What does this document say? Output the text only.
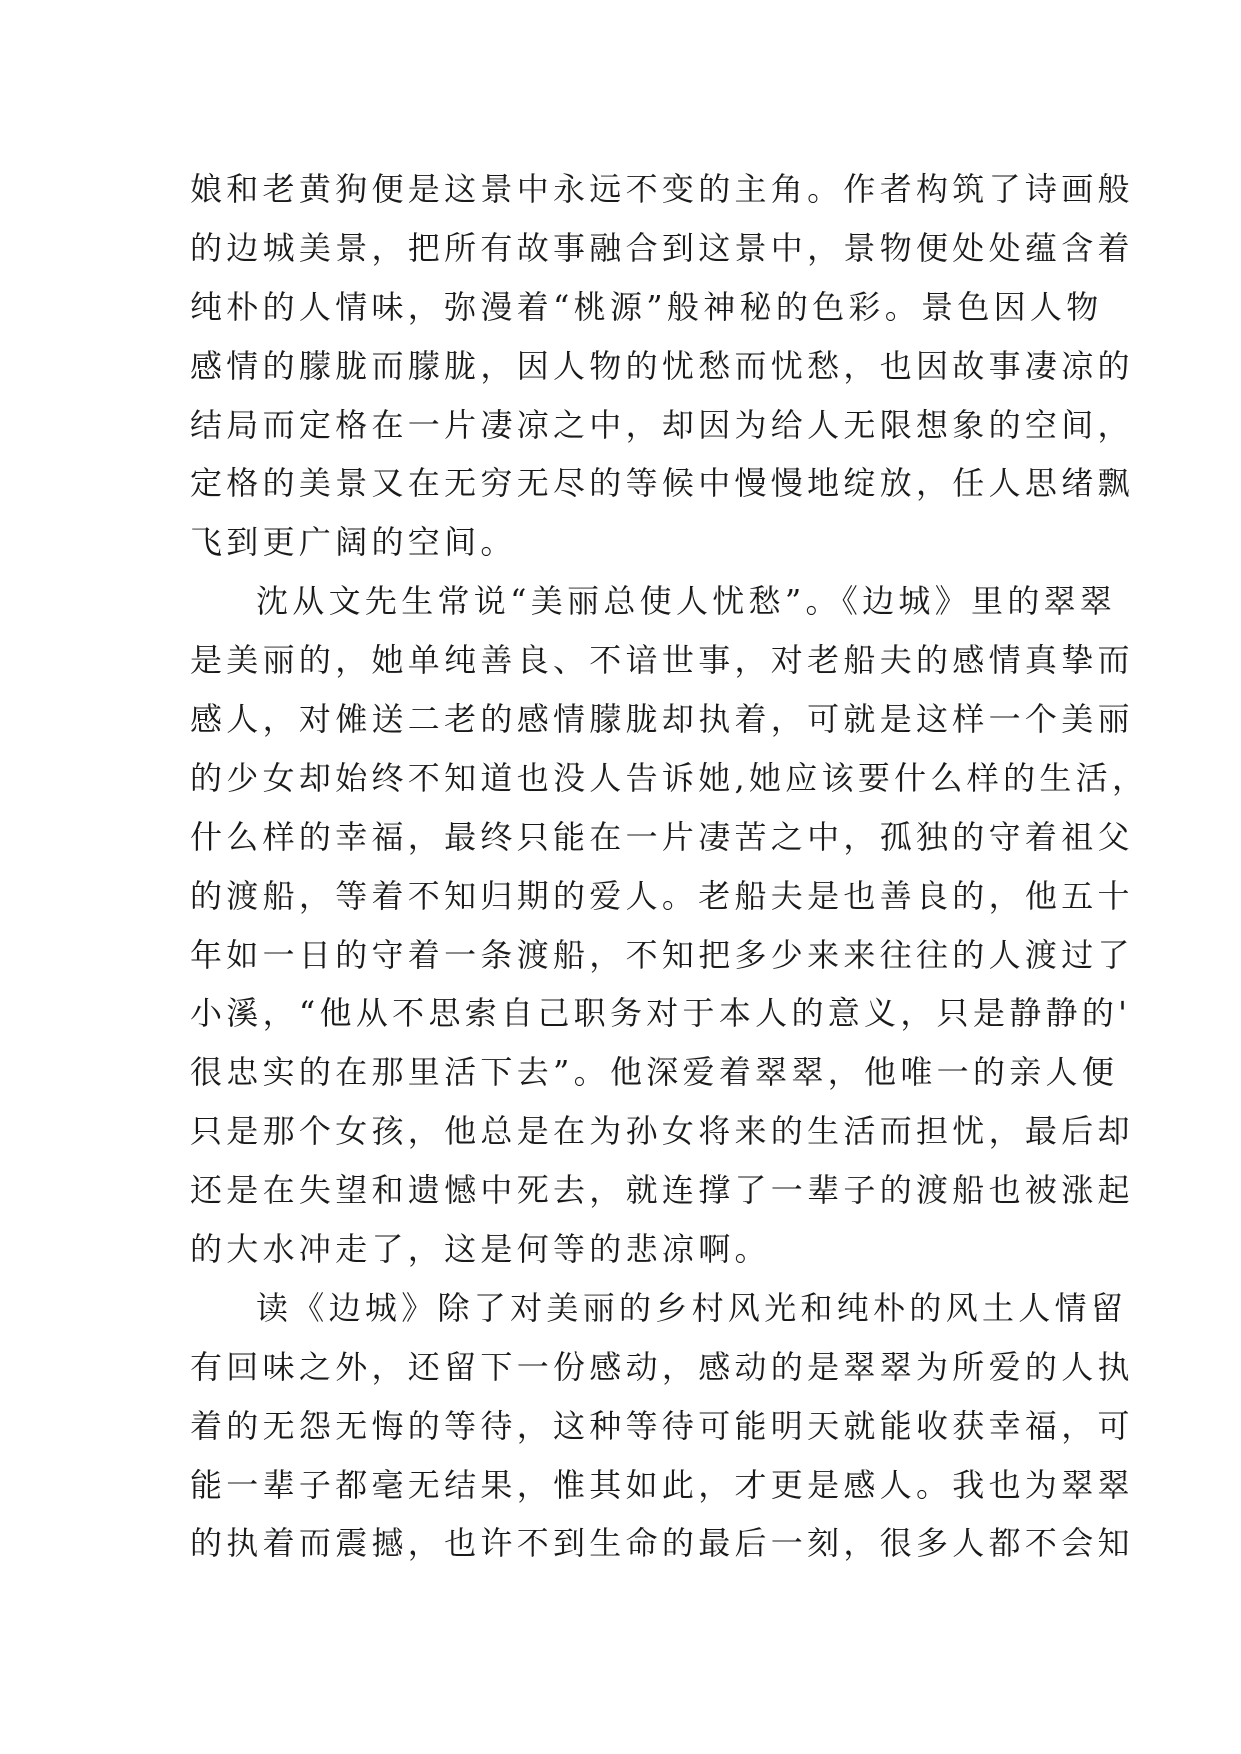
娘和老黄狗便是这景中永远不变的主角。作者构筑了诗画般
的边城美景，把所有故事融合到这景中，景物便处处蕴含着
纯朴的人情味，弥漫着“桃源”般神秘的色彩。景色因人物
感情的朦胧而朦胧，因人物的忧愁而忧愁，也因故事凄凉的
结局而定格在一片凄凉之中，却因为给人无限想象的空间，
定格的美景又在无穷无尽的等候中慢慢地绽放，任人思绪飘
飞到更广阔的空间。
沈从文先生常说“美丽总使人忧愁”。《边城》里的翠翠
是美丽的，她单纯善良、不谙世事，对老船夫的感情真挚而
感人，对傩送二老的感情朦胧却执着，可就是这样一个美丽
的少女却始终不知道也没人告诉她,她应该要什么样的生活，
什么样的幸福，最终只能在一片凄苦之中，孤独的守着祖父
的渡船，等着不知归期的爱人。老船夫是也善良的，他五十
年如一日的守着一条渡船，不知把多少来来往往的人渡过了
小溪，“他从不思索自己职务对于本人的意义，只是静静的'
很忠实的在那里活下去”。他深爱着翠翠，他唯一的亲人便
只是那个女孩，他总是在为孙女将来的生活而担忧，最后却
还是在失望和遗憾中死去，就连撑了一辈子的渡船也被涨起
的大水冲走了，这是何等的悲凉啊。
读《边城》除了对美丽的乡村风光和纯朴的风土人情留
有回味之外，还留下一份感动，感动的是翠翠为所爱的人执
着的无怨无悔的等待，这种等待可能明天就能收获幸福，可
能一辈子都毫无结果，惟其如此，才更是感人。我也为翠翠
的执着而震撼，也许不到生命的最后一刻，很多人都不会知
